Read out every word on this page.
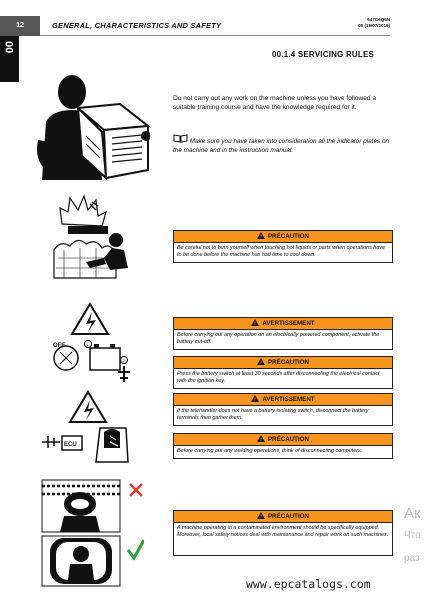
12	GENERAL, CHARACTERISTICS AND SAFETY
647G6Q6N
00 (19/07/2019)
00
00.1.4 SERVICING RULES
Do not carry out any work on the machine unless you have followed a suitable training course and have the knowledge required for it.
Make sure you have taken into consideration all the indicator plates on the machine and in the instruction manual.
OFF	1
2
ECU
PRÉCAUTION
Be careful not to burn yourself when touching hot liquids or parts when operations have to be done before the machine has had time to cool down.
AVERTISSEMENT
Before carrying out any operation on an electrically powered component, activate the battery cut-off.
PRÉCAUTION
Press the battery switch at least 30 seconds after disconnecting the electrical contact with the ignition key.
AVERTISSEMENT
If the telehandler does not have a battery isolating switch, disconnect the battery terminals then gather them.
PRÉCAUTION
Before carrying out any welding operations, think of disconnecting computers.
PRÉCAUTION
A machine operating in a contaminated environment should be specifically equipped. Moreover, local safety notices deal with maintenance and repair work on such machines.
Ак
Что
раз
www.epcatalogs.com
